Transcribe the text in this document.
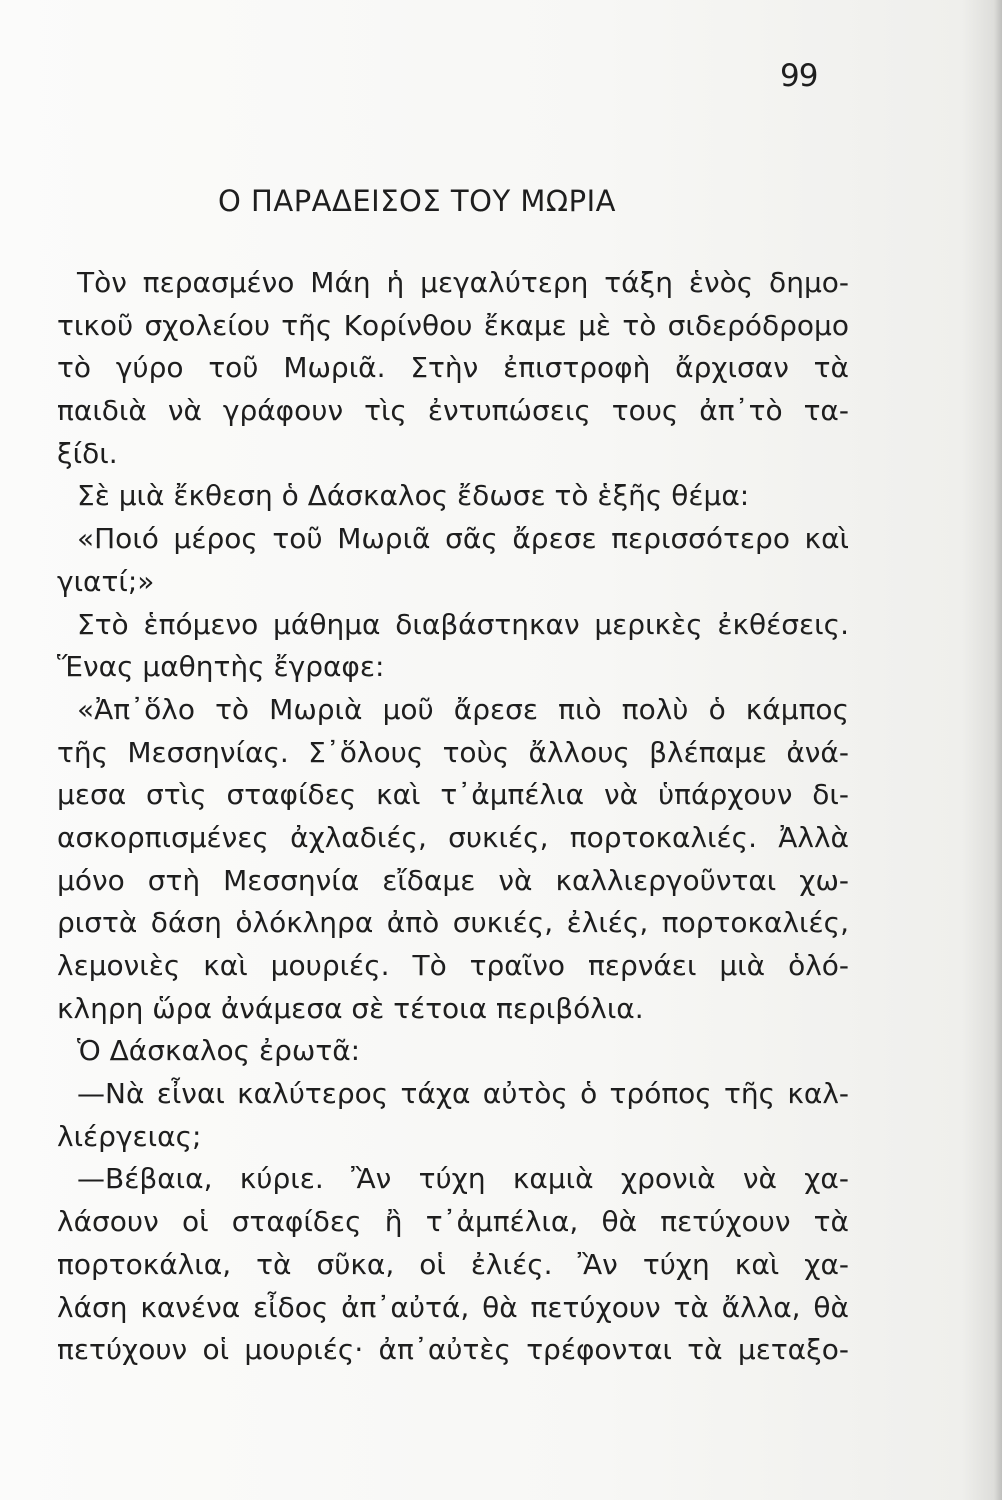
99
Ο ΠΑΡΑΔΕΙΣΟΣ ΤΟΥ ΜΩΡΙΑ
Τὸν περασμένο Μάη ἡ μεγαλύτερη τάξη ἑνὸς δημο-
τικοῦ σχολείου τῆς Κορίνθου ἔκαμε μὲ τὸ σιδερόδρομο
τὸ γύρο τοῦ Μωριᾶ. Στὴν ἐπιστροφὴ ἄρχισαν τὰ
παιδιὰ νὰ γράφουν τὶς ἐντυπώσεις τους ἀπ᾿τὸ τα-
ξίδι.
Σὲ μιὰ ἔκθεση ὁ Δάσκαλος ἔδωσε τὸ ἑξῆς θέμα:
«Ποιό μέρος τοῦ Μωριᾶ σᾶς ἄρεσε περισσότερο καὶ
γιατί;»
Στὸ ἑπόμενο μάθημα διαβάστηκαν μερικὲς ἐκθέσεις.
Ἕνας μαθητὴς ἔγραφε:
«Ἀπ᾿ὅλο τὸ Μωριὰ μοῦ ἄρεσε πιὸ πολὺ ὁ κάμπος
τῆς Μεσσηνίας. Σ᾿ὅλους τοὺς ἄλλους βλέπαμε ἀνά-
μεσα στὶς σταφίδες καὶ τ᾿ἀμπέλια νὰ ὑπάρχουν δι-
ασκορπισμένες ἀχλαδιές, συκιές, πορτοκαλιές. Ἀλλὰ
μόνο στὴ Μεσσηνία εἴδαμε νὰ καλλιεργοῦνται χω-
ριστὰ δάση ὁλόκληρα ἀπὸ συκιές, ἐλιές, πορτοκαλιές,
λεμονιὲς καὶ μουριές. Τὸ τραῖνο περνάει μιὰ ὁλό-
κληρη ὥρα ἀνάμεσα σὲ τέτοια περιβόλια.
Ὁ Δάσκαλος ἐρωτᾶ:
—Νὰ εἶναι καλύτερος τάχα αὐτὸς ὁ τρόπος τῆς καλ-
λιέργειας;
—Βέβαια, κύριε. Ἂν τύχη καμιὰ χρονιὰ νὰ χα-
λάσουν οἱ σταφίδες ἢ τ᾿ἀμπέλια, θὰ πετύχουν τὰ
πορτοκάλια, τὰ σῦκα, οἱ ἐλιές. Ἂν τύχη καὶ χα-
λάση κανένα εἶδος ἀπ᾿αὐτά, θὰ πετύχουν τὰ ἄλλα, θὰ
πετύχουν οἱ μουριές· ἀπ᾿αὐτὲς τρέφονται τὰ μεταξο-
